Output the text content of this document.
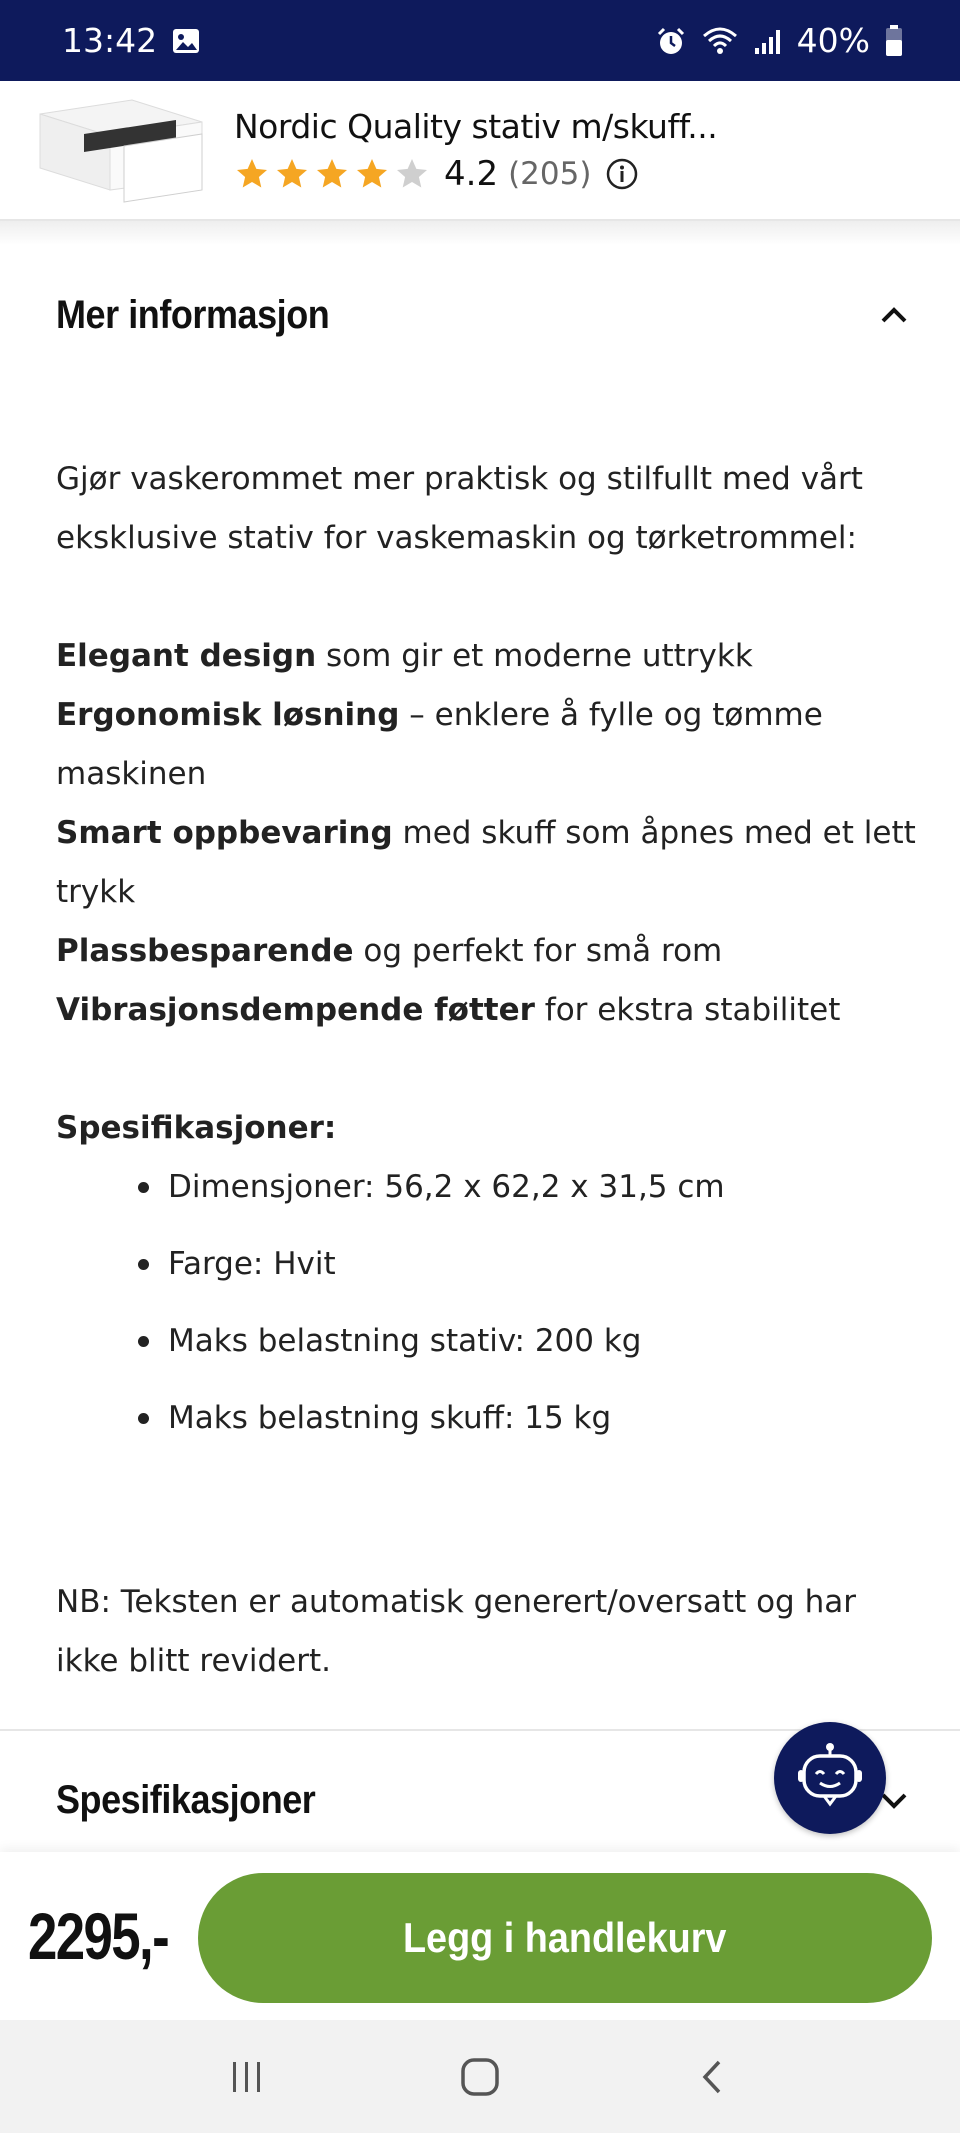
13:42	40%
Nordic Quality stativ m/skuff...
4.2 (205)
Mer informasjon

Gjør vaskerommet mer praktisk og stilfullt med vårt eksklusive stativ for vaskemaskin og tørketrommel:

Elegant design som gir et moderne uttrykk

Ergonomisk løsning – enklere å fylle og tømme maskinen

Smart oppbevaring med skuff som åpnes med et lett trykk

Plassbesparende og perfekt for små rom

Vibrasjonsdempende føtter for ekstra stabilitet

Spesifikasjoner:

Dimensjoner: 56,2 x 62,2 x 31,5 cm
Farge: Hvit
Maks belastning stativ: 200 kg
Maks belastning skuff: 15 kg

NB: Teksten er automatisk generert/oversatt og har ikke blitt revidert.

Spesifikasjoner
2295,-	Legg i handlekurv
